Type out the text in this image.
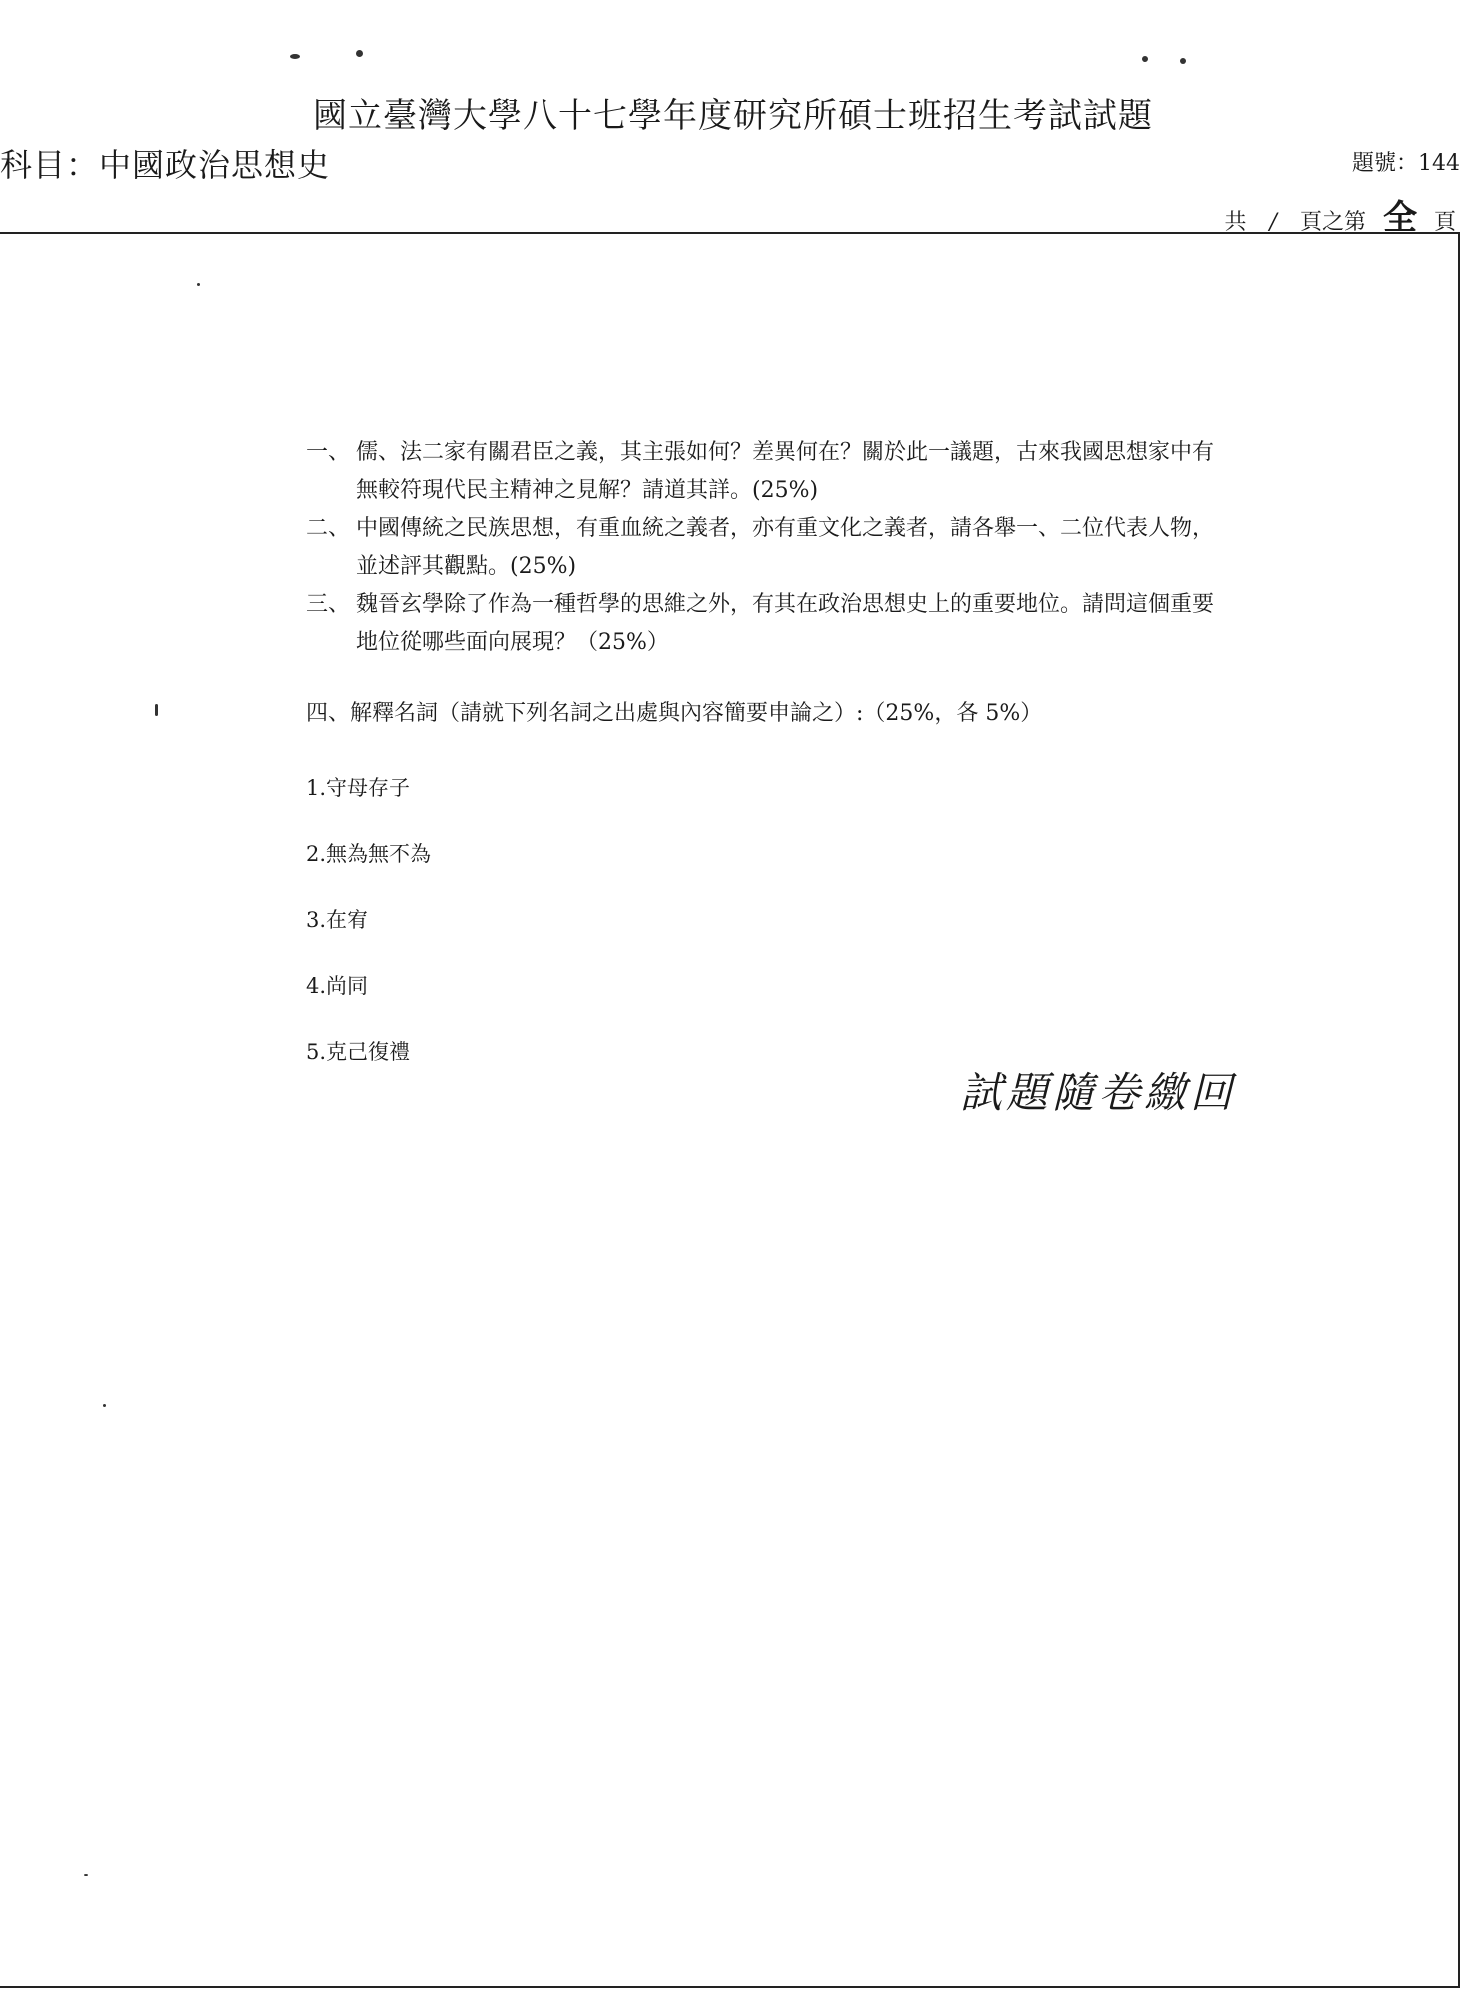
國立臺灣大學八十七學年度研究所碩士班招生考試試題
科目：中國政治思想史	題號：144
共 / 頁之第 全 頁
一、 儒、法二家有關君臣之義，其主張如何？差異何在？關於此一議題，古來我國思想家中有無較符現代民主精神之見解？請道其詳。(25%)
二、 中國傳統之民族思想，有重血統之義者，亦有重文化之義者，請各舉一、二位代表人物，並述評其觀點。(25%)
三、 魏晉玄學除了作為一種哲學的思維之外，有其在政治思想史上的重要地位。請問這個重要地位從哪些面向展現？（25%）
四、解釋名詞（請就下列名詞之出處與內容簡要申論之）:（25%，各 5%）
1.守母存子
2.無為無不為
3.在宥
4.尚同
5.克己復禮
試題隨卷繳回
